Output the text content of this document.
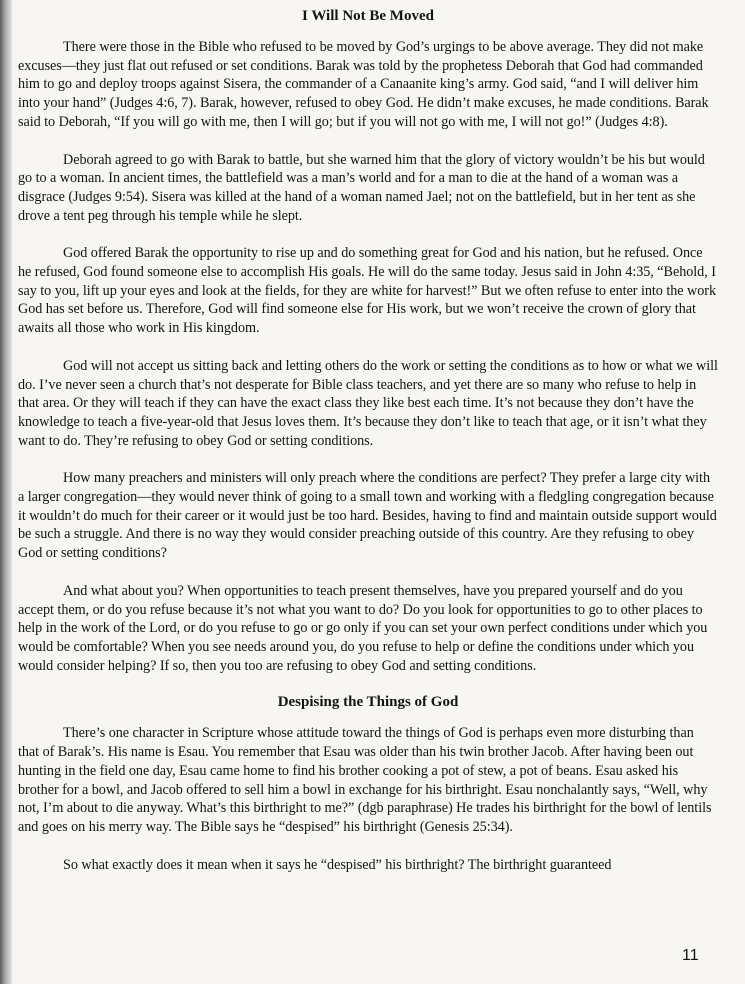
I Will Not Be Moved

There were those in the Bible who refused to be moved by God’s urgings to be above average. They did not make excuses—they just flat out refused or set conditions. Barak was told by the prophetess Deborah that God had commanded him to go and deploy troops against Sisera, the commander of a Canaanite king’s army. God said, “and I will deliver him into your hand” (Judges 4:6, 7). Barak, however, refused to obey God. He didn’t make excuses, he made conditions. Barak said to Deborah, “If you will go with me, then I will go; but if you will not go with me, I will not go!” (Judges 4:8).

Deborah agreed to go with Barak to battle, but she warned him that the glory of victory wouldn’t be his but would go to a woman. In ancient times, the battlefield was a man’s world and for a man to die at the hand of a woman was a disgrace (Judges 9:54). Sisera was killed at the hand of a woman named Jael; not on the battlefield, but in her tent as she drove a tent peg through his temple while he slept.

God offered Barak the opportunity to rise up and do something great for God and his nation, but he refused. Once he refused, God found someone else to accomplish His goals. He will do the same today. Jesus said in John 4:35, “Behold, I say to you, lift up your eyes and look at the fields, for they are white for harvest!” But we often refuse to enter into the work God has set before us. Therefore, God will find someone else for His work, but we won’t receive the crown of glory that awaits all those who work in His kingdom.

God will not accept us sitting back and letting others do the work or setting the conditions as to how or what we will do. I’ve never seen a church that’s not desperate for Bible class teachers, and yet there are so many who refuse to help in that area. Or they will teach if they can have the exact class they like best each time. It’s not because they don’t have the knowledge to teach a five-year-old that Jesus loves them. It’s because they don’t like to teach that age, or it isn’t what they want to do. They’re refusing to obey God or setting conditions.

How many preachers and ministers will only preach where the conditions are perfect? They prefer a large city with a larger congregation—they would never think of going to a small town and working with a fledgling congregation because it wouldn’t do much for their career or it would just be too hard. Besides, having to find and maintain outside support would be such a struggle. And there is no way they would consider preaching outside of this country. Are they refusing to obey God or setting conditions?

And what about you? When opportunities to teach present themselves, have you prepared yourself and do you accept them, or do you refuse because it’s not what you want to do? Do you look for opportunities to go to other places to help in the work of the Lord, or do you refuse to go or go only if you can set your own perfect conditions under which you would be comfortable? When you see needs around you, do you refuse to help or define the conditions under which you would consider helping? If so, then you too are refusing to obey God and setting conditions.

Despising the Things of God

There’s one character in Scripture whose attitude toward the things of God is perhaps even more disturbing than that of Barak’s. His name is Esau. You remember that Esau was older than his twin brother Jacob. After having been out hunting in the field one day, Esau came home to find his brother cooking a pot of stew, a pot of beans. Esau asked his brother for a bowl, and Jacob offered to sell him a bowl in exchange for his birthright. Esau nonchalantly says, “Well, why not, I’m about to die anyway. What’s this birthright to me?” (dgb paraphrase) He trades his birthright for the bowl of lentils and goes on his merry way. The Bible says he “despised” his birthright (Genesis 25:34).

So what exactly does it mean when it says he “despised” his birthright? The birthright guaranteed

11
